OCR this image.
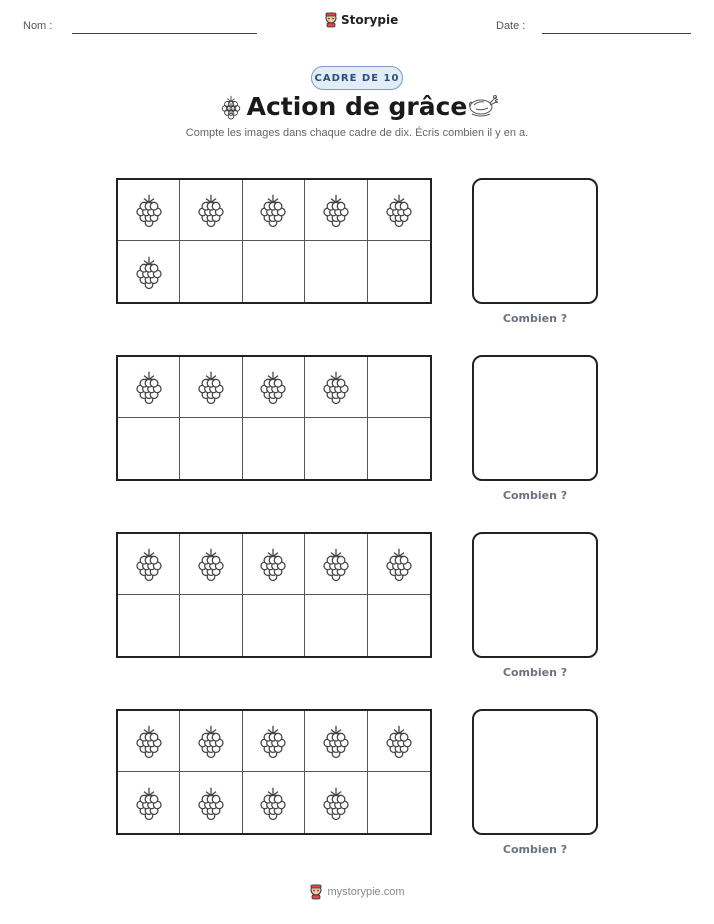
Nom :	Storypie	Date :
CADRE DE 10
Action de grâce
Compte les images dans chaque cadre de dix. Écris combien il y en a.
Combien ?
Combien ?
Combien ?
Combien ?
mystorypie.com
